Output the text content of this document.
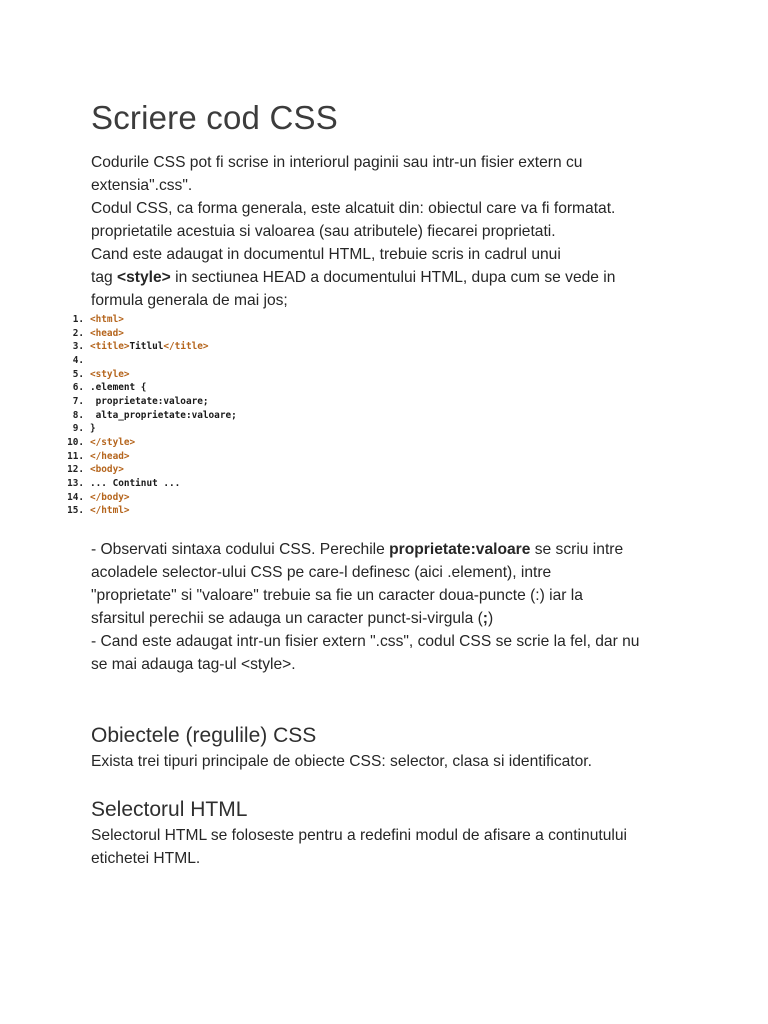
Scriere cod CSS
Codurile CSS pot fi scrise in interiorul paginii sau intr-un fisier extern cu
extensia".css".
Codul CSS, ca forma generala, este alcatuit din: obiectul care va fi formatat.
proprietatile acestuia si valoarea (sau atributele) fiecarei proprietati.
Cand este adaugat in documentul HTML, trebuie scris in cadrul unui
tag <style> in sectiunea HEAD a documentului HTML, dupa cum se vede in
formula generala de mai jos;
1. <html>
2. <head>
3. <title>Titlul</title>
4.
5. <style>
6. .element {
7. proprietate:valoare;
8. alta_proprietate:valoare;
9. }
10. </style>
11. </head>
12. <body>
13. ... Continut ...
14. </body>
15. </html>
- Observati sintaxa codului CSS. Perechile proprietate:valoare se scriu intre
acoladele selector-ului CSS pe care-l definesc (aici .element), intre
"proprietate" si "valoare" trebuie sa fie un caracter doua-puncte (:) iar la
sfarsitul perechii se adauga un caracter punct-si-virgula (;)
- Cand este adaugat intr-un fisier extern ".css", codul CSS se scrie la fel, dar nu
se mai adauga tag-ul <style>.
Obiectele (regulile) CSS
Exista trei tipuri principale de obiecte CSS: selector, clasa si identificator.
Selectorul HTML
Selectorul HTML se foloseste pentru a redefini modul de afisare a continutului
etichetei HTML.
